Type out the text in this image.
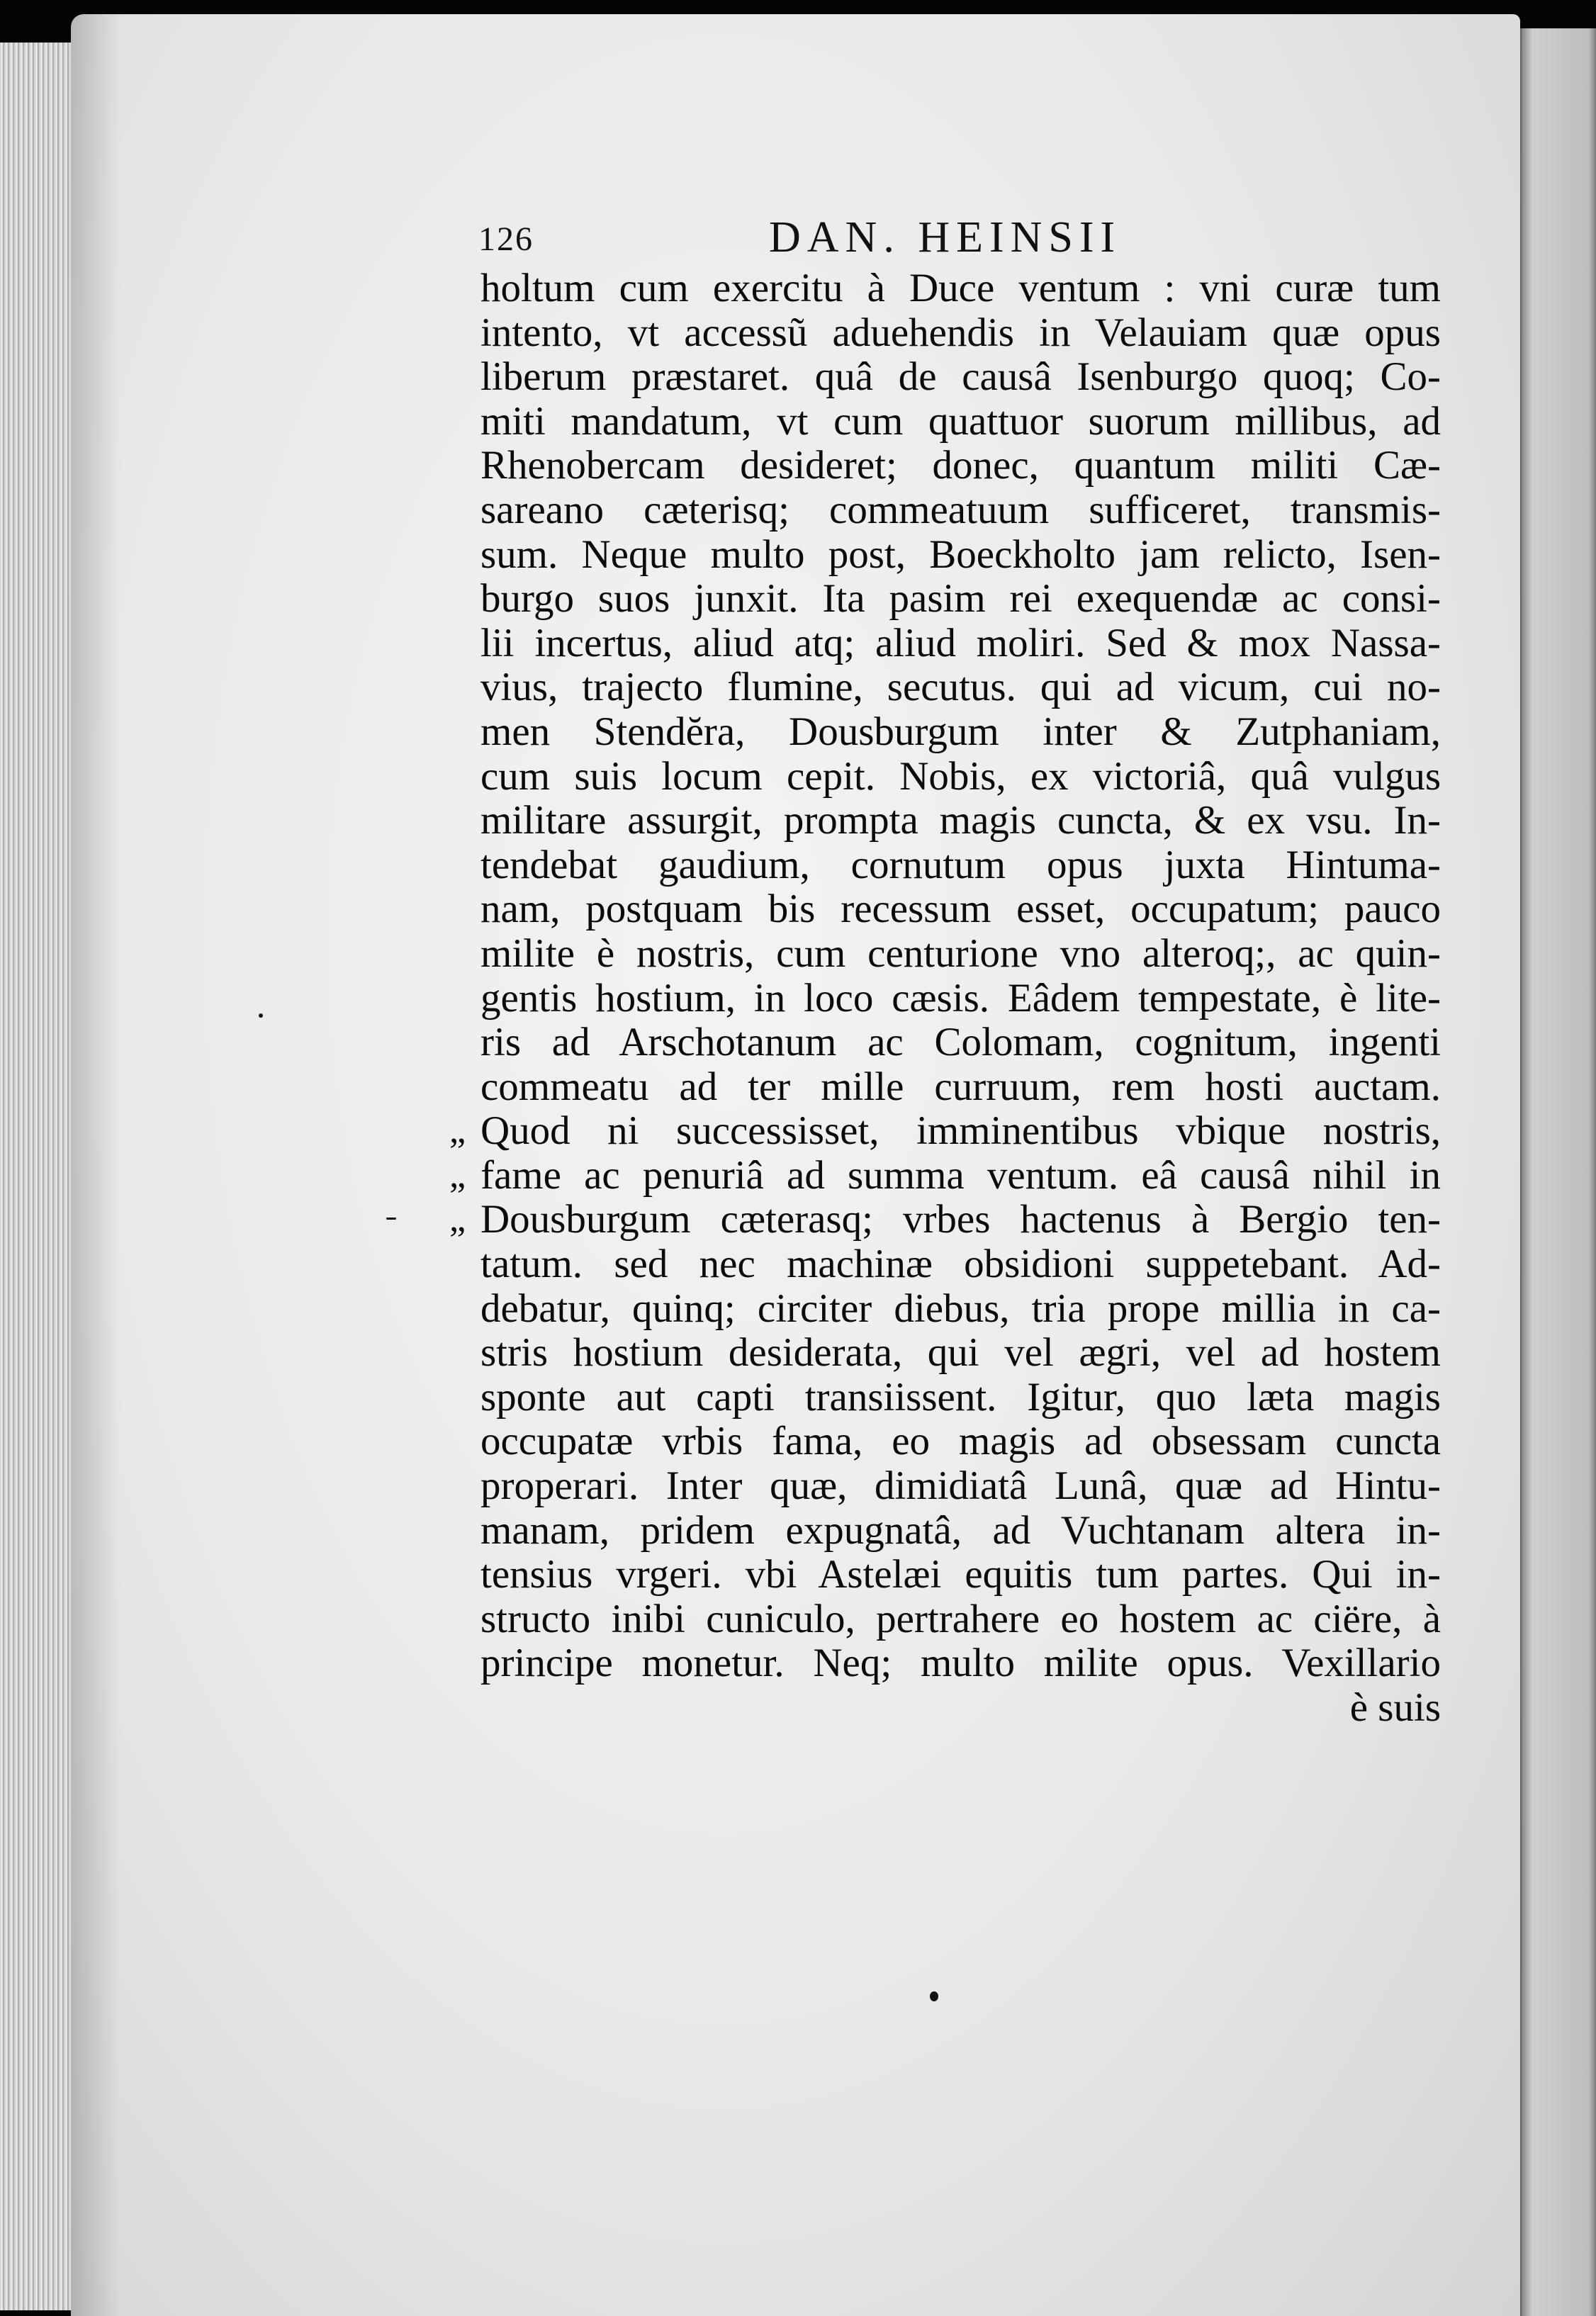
126	DAN. HEINSII
holtum cum exercitu à Duce ventum : vni curæ tum
intento, vt accessũ aduehendis in Velauiam quæ opus
liberum præstaret. quâ de causâ Isenburgo quoq; Co-
miti mandatum, vt cum quattuor suorum millibus, ad
Rhenobercam desideret; donec, quantum militi Cæ-
sareano cæterisq; commeatuum sufficeret, transmis-
sum. Neque multo post, Boeckholto jam relicto, Isen-
burgo suos junxit. Ita pasim rei exequendæ ac consi-
lii incertus, aliud atq; aliud moliri. Sed & mox Nassa-
vius, trajecto flumine, secutus. qui ad vicum, cui no-
men Stendĕra, Dousburgum inter & Zutphaniam,
cum suis locum cepit. Nobis, ex victoriâ, quâ vulgus
militare assurgit, prompta magis cuncta, & ex vsu. In-
tendebat gaudium, cornutum opus juxta Hintuma-
nam, postquam bis recessum esset, occupatum; pauco
milite è nostris, cum centurione vno alteroq;, ac quin-
gentis hostium, in loco cæsis. Eâdem tempestate, è lite-
ris ad Arschotanum ac Colomam, cognitum, ingenti
commeatu ad ter mille curruum, rem hosti auctam.
„ Quod ni successisset, imminentibus vbique nostris,
„ fame ac penuriâ ad summa ventum. eâ causâ nihil in
„ Dousburgum cæterasq; vrbes hactenus à Bergio ten-
tatum. sed nec machinæ obsidioni suppetebant. Ad-
debatur, quinq; circiter diebus, tria prope millia in ca-
stris hostium desiderata, qui vel ægri, vel ad hostem
sponte aut capti transiissent. Igitur, quo læta magis
occupatæ vrbis fama, eo magis ad obsessam cuncta
properari. Inter quæ, dimidiatâ Lunâ, quæ ad Hintu-
manam, pridem expugnatâ, ad Vuchtanam altera in-
tensius vrgeri. vbi Astelæi equitis tum partes. Qui in-
structo inibi cuniculo, pertrahere eo hostem ac ciëre, à
principe monetur. Neq; multo milite opus. Vexillario
è suis
